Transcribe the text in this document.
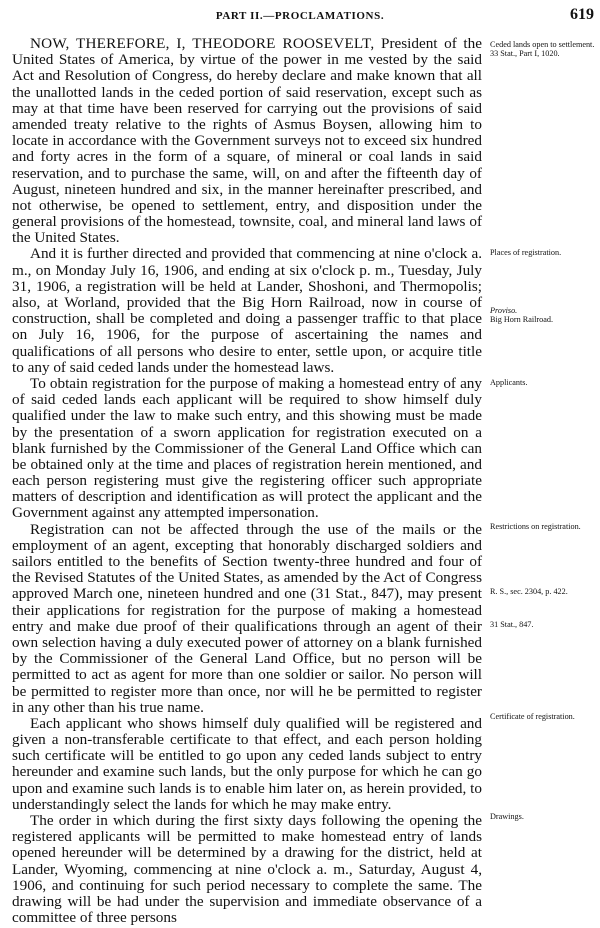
PART II.—PROCLAMATIONS.	619

NOW, THEREFORE, I, THEODORE ROOSEVELT, President of the United States of America, by virtue of the power in me vested by the said Act and Resolution of Congress, do hereby declare and make known that all the unallotted lands in the ceded portion of said reservation, except such as may at that time have been reserved for carrying out the provisions of said amended treaty relative to the rights of Asmus Boysen, allowing him to locate in accordance with the Government surveys not to exceed six hundred and forty acres in the form of a square, of mineral or coal lands in said reservation, and to purchase the same, will, on and after the fifteenth day of August, nineteen hundred and six, in the manner hereinafter prescribed, and not otherwise, be opened to settlement, entry, and disposition under the general provisions of the homestead, townsite, coal, and mineral land laws of the United States.

And it is further directed and provided that commencing at nine o'clock a. m., on Monday July 16, 1906, and ending at six o'clock p. m., Tuesday, July 31, 1906, a registration will be held at Lander, Shoshoni, and Thermopolis; also, at Worland, provided that the Big Horn Railroad, now in course of construction, shall be completed and doing a passenger traffic to that place on July 16, 1906, for the purpose of ascertaining the names and qualifications of all persons who desire to enter, settle upon, or acquire title to any of said ceded lands under the homestead laws.

To obtain registration for the purpose of making a homestead entry of any of said ceded lands each applicant will be required to show himself duly qualified under the law to make such entry, and this showing must be made by the presentation of a sworn application for registration executed on a blank furnished by the Commissioner of the General Land Office which can be obtained only at the time and places of registration herein mentioned, and each person registering must give the registering officer such appropriate matters of description and identification as will protect the applicant and the Government against any attempted impersonation.

Registration can not be affected through the use of the mails or the employment of an agent, excepting that honorably discharged soldiers and sailors entitled to the benefits of Section twenty-three hundred and four of the Revised Statutes of the United States, as amended by the Act of Congress approved March one, nineteen hundred and one (31 Stat., 847), may present their applications for registration for the purpose of making a homestead entry and make due proof of their qualifications through an agent of their own selection having a duly executed power of attorney on a blank furnished by the Commissioner of the General Land Office, but no person will be permitted to act as agent for more than one soldier or sailor. No person will be permitted to register more than once, nor will he be permitted to register in any other than his true name.

Each applicant who shows himself duly qualified will be registered and given a non-transferable certificate to that effect, and each person holding such certificate will be entitled to go upon any ceded lands subject to entry hereunder and examine such lands, but the only purpose for which he can go upon and examine such lands is to enable him later on, as herein provided, to understandingly select the lands for which he may make entry.

The order in which during the first sixty days following the opening the registered applicants will be permitted to make homestead entry of lands opened hereunder will be determined by a drawing for the district, held at Lander, Wyoming, commencing at nine o'clock a. m., Saturday, August 4, 1906, and continuing for such period necessary to complete the same. The drawing will be had under the supervision and immediate observance of a committee of three persons

Ceded lands open to settlement.
33 Stat., Part I, 1020.
Places of registration.
Proviso.
Big Horn Railroad.
Applicants.
Restrictions on registration.
R. S., sec. 2304, p. 422.
31 Stat., 847.
Certificate of registration.
Drawings.
